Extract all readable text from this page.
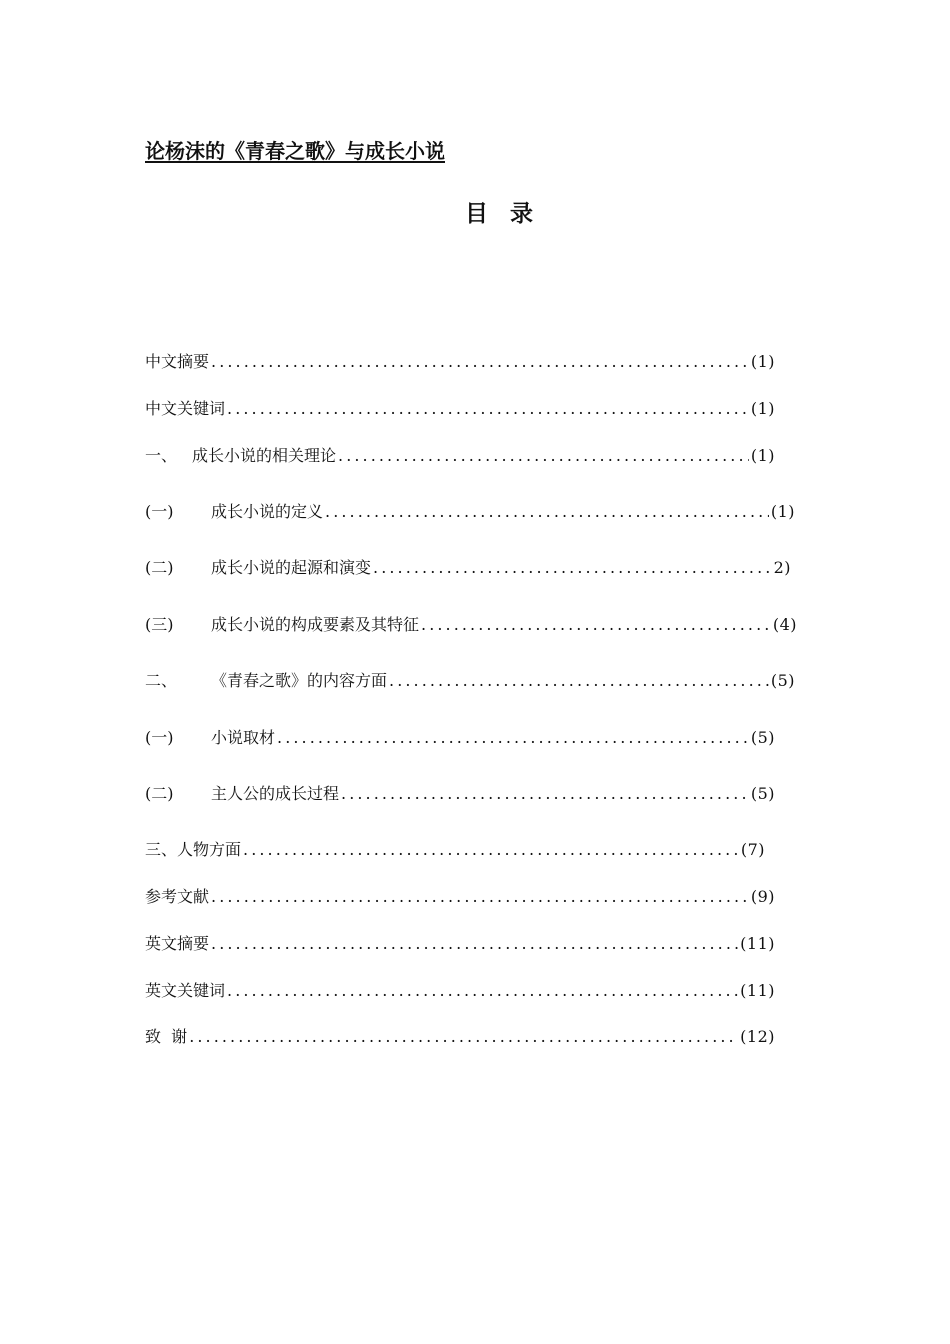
论杨沫的《青春之歌》与成长小说
目  录
中文摘要 . . .	(1)
中文关键词 . . .	(1)
一、 成长小说的相关理论 . . .	(1)
(一)	成长小说的定义 . . .	(1)
(二)	成长小说的起源和演变 . . .	2)
(三)	成长小说的构成要素及其特征 . . .	(4)
二、	《青春之歌》的内容方面 . . .	(5)
(一)	小说取材 . . .	(5)
(二)	主人公的成长过程 . . .	(5)
三、人物方面 . . .	(7)
参考文献 . . .	(9)
英文摘要 . . .	(11)
英文关键词 . . .	(11)
致  谢 . . .	(12)
